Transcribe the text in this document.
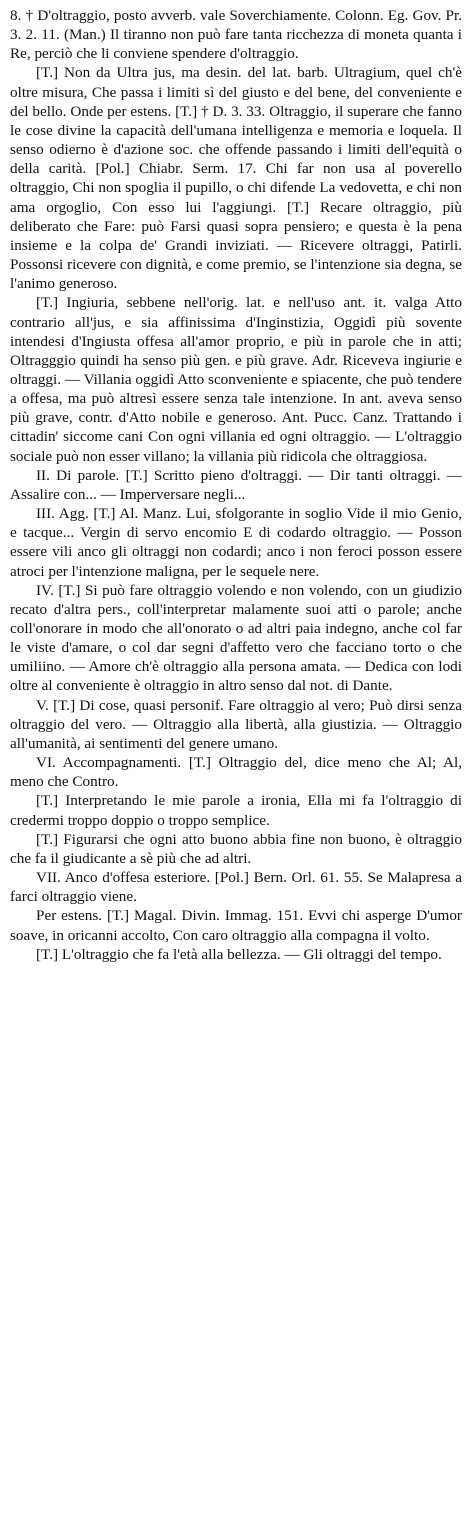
8. † D'oltraggio, posto avverb. vale Soverchiamente. Colonn. Eg. Gov. Pr. 3. 2. 11. (Man.) Il tiranno non può fare tanta ricchezza di moneta quanta i Re, perciò che li conviene spendere d'oltraggio.

[T.] Non da Ultra jus, ma desin. del lat. barb. Ultragium, quel ch'è oltre misura, Che passa i limiti sì del giusto e del bene, del conveniente e del bello. Onde per estens. [T.] † D. 3. 33. Oltraggio, il superare che fanno le cose divine la capacità dell'umana intelligenza e memoria e loquela. Il senso odierno è d'azione soc. che offende passando i limiti dell'equità o della carità. [Pol.] Chiabr. Serm. 17. Chi far non usa al poverello oltraggio, Chi non spoglia il pupillo, o chi difende La vedovetta, e chi non ama orgoglio, Con esso lui l'aggiungi. [T.] Recare oltraggio, più deliberato che Fare: può Farsi quasi sopra pensiero; e questa è la pena insieme e la colpa de' Grandi inviziati. — Ricevere oltraggi, Patirli. Possonsi ricevere con dignità, e come premio, se l'intenzione sia degna, se l'animo generoso.

[T.] Ingiuria, sebbene nell'orig. lat. e nell'uso ant. it. valga Atto contrario all'jus, e sia affinissima d'Inginstizia, Oggidì più sovente intendesi d'Ingiusta offesa all'amor proprio, e più in parole che in atti; Oltragggio quindi ha senso più gen. e più grave. Adr. Riceveva ingiurie e oltraggi. — Villania oggidì Atto sconveniente e spiacente, che può tendere a offesa, ma può altresì essere senza tale intenzione. In ant. aveva senso più grave, contr. d'Atto nobile e generoso. Ant. Pucc. Canz. Trattando i cittadin' siccome cani Con ogni villania ed ogni oltraggio. — L'oltraggio sociale può non esser villano; la villania più ridicola che oltraggiosa.

II. Di parole. [T.] Scritto pieno d'oltraggi. — Dir tanti oltraggi. — Assalire con... — Imperversare negli...

III. Agg. [T.] Al. Manz. Lui, sfolgorante in soglio Vide il mio Genio, e tacque... Vergin di servo encomio E di codardo oltraggio. — Posson essere vili anco gli oltraggi non codardi; anco i non feroci posson essere atroci per l'intenzione maligna, per le sequele nere.

IV. [T.] Si può fare oltraggio volendo e non volendo, con un giudizio recato d'altra pers., coll'interpretar malamente suoi atti o parole; anche coll'onorare in modo che all'onorato o ad altri paia indegno, anche col far le viste d'amare, o col dar segni d'affetto vero che facciano torto o che umiliino. — Amore ch'è oltraggio alla persona amata. — Dedica con lodi oltre al conveniente è oltraggio in altro senso dal not. di Dante.

V. [T.] Di cose, quasi personif. Fare oltraggio al vero; Può dirsi senza oltraggio del vero. — Oltraggio alla libertà, alla giustizia. — Oltraggio all'umanità, ai sentimenti del genere umano.

VI. Accompagnamenti. [T.] Oltraggio del, dice meno che Al; Al, meno che Contro.

[T.] Interpretando le mie parole a ironia, Ella mi fa l'oltraggio di credermi troppo doppio o troppo semplice.

[T.] Figurarsi che ogni atto buono abbia fine non buono, è oltraggio che fa il giudicante a sè più che ad altri.

VII. Anco d'offesa esteriore. [Pol.] Bern. Orl. 61. 55. Se Malapresa a farci oltraggio viene.

Per estens. [T.] Magal. Divin. Immag. 151. Evvi chi asperge D'umor soave, in oricanni accolto, Con caro oltraggio alla compagna il volto.

[T.] L'oltraggio che fa l'età alla bellezza. — Gli oltraggi del tempo.
